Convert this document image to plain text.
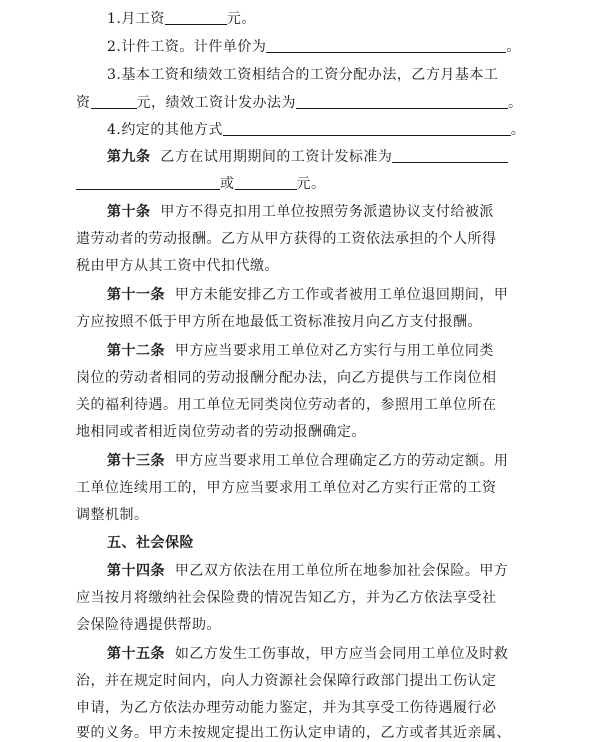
1.月工资	元。
2.计件工资。计件单价为	。
3.基本工资和绩效工资相结合的工资分配办法，乙方月基本工
资	元，绩效工资计发办法为	。
4.约定的其他方式	。
第九条 乙方在试用期期间的工资计发标准为
或	元。
第十条 甲方不得克扣用工单位按照劳务派遣协议支付给被派
遣劳动者的劳动报酬。乙方从甲方获得的工资依法承担的个人所得
税由甲方从其工资中代扣代缴。
第十一条 甲方未能安排乙方工作或者被用工单位退回期间，甲
方应按照不低于甲方所在地最低工资标准按月向乙方支付报酬。
第十二条 甲方应当要求用工单位对乙方实行与用工单位同类
岗位的劳动者相同的劳动报酬分配办法，向乙方提供与工作岗位相
关的福利待遇。用工单位无同类岗位劳动者的，参照用工单位所在
地相同或者相近岗位劳动者的劳动报酬确定。
第十三条 甲方应当要求用工单位合理确定乙方的劳动定额。用
工单位连续用工的，甲方应当要求用工单位对乙方实行正常的工资
调整机制。
五、社会保险
第十四条 甲乙双方依法在用工单位所在地参加社会保险。甲方
应当按月将缴纳社会保险费的情况告知乙方，并为乙方依法享受社
会保险待遇提供帮助。
第十五条 如乙方发生工伤事故，甲方应当会同用工单位及时救
治，并在规定时间内，向人力资源社会保障行政部门提出工伤认定
申请，为乙方依法办理劳动能力鉴定，并为其享受工伤待遇履行必
要的义务。甲方未按规定提出工伤认定申请的，乙方或者其近亲属、
